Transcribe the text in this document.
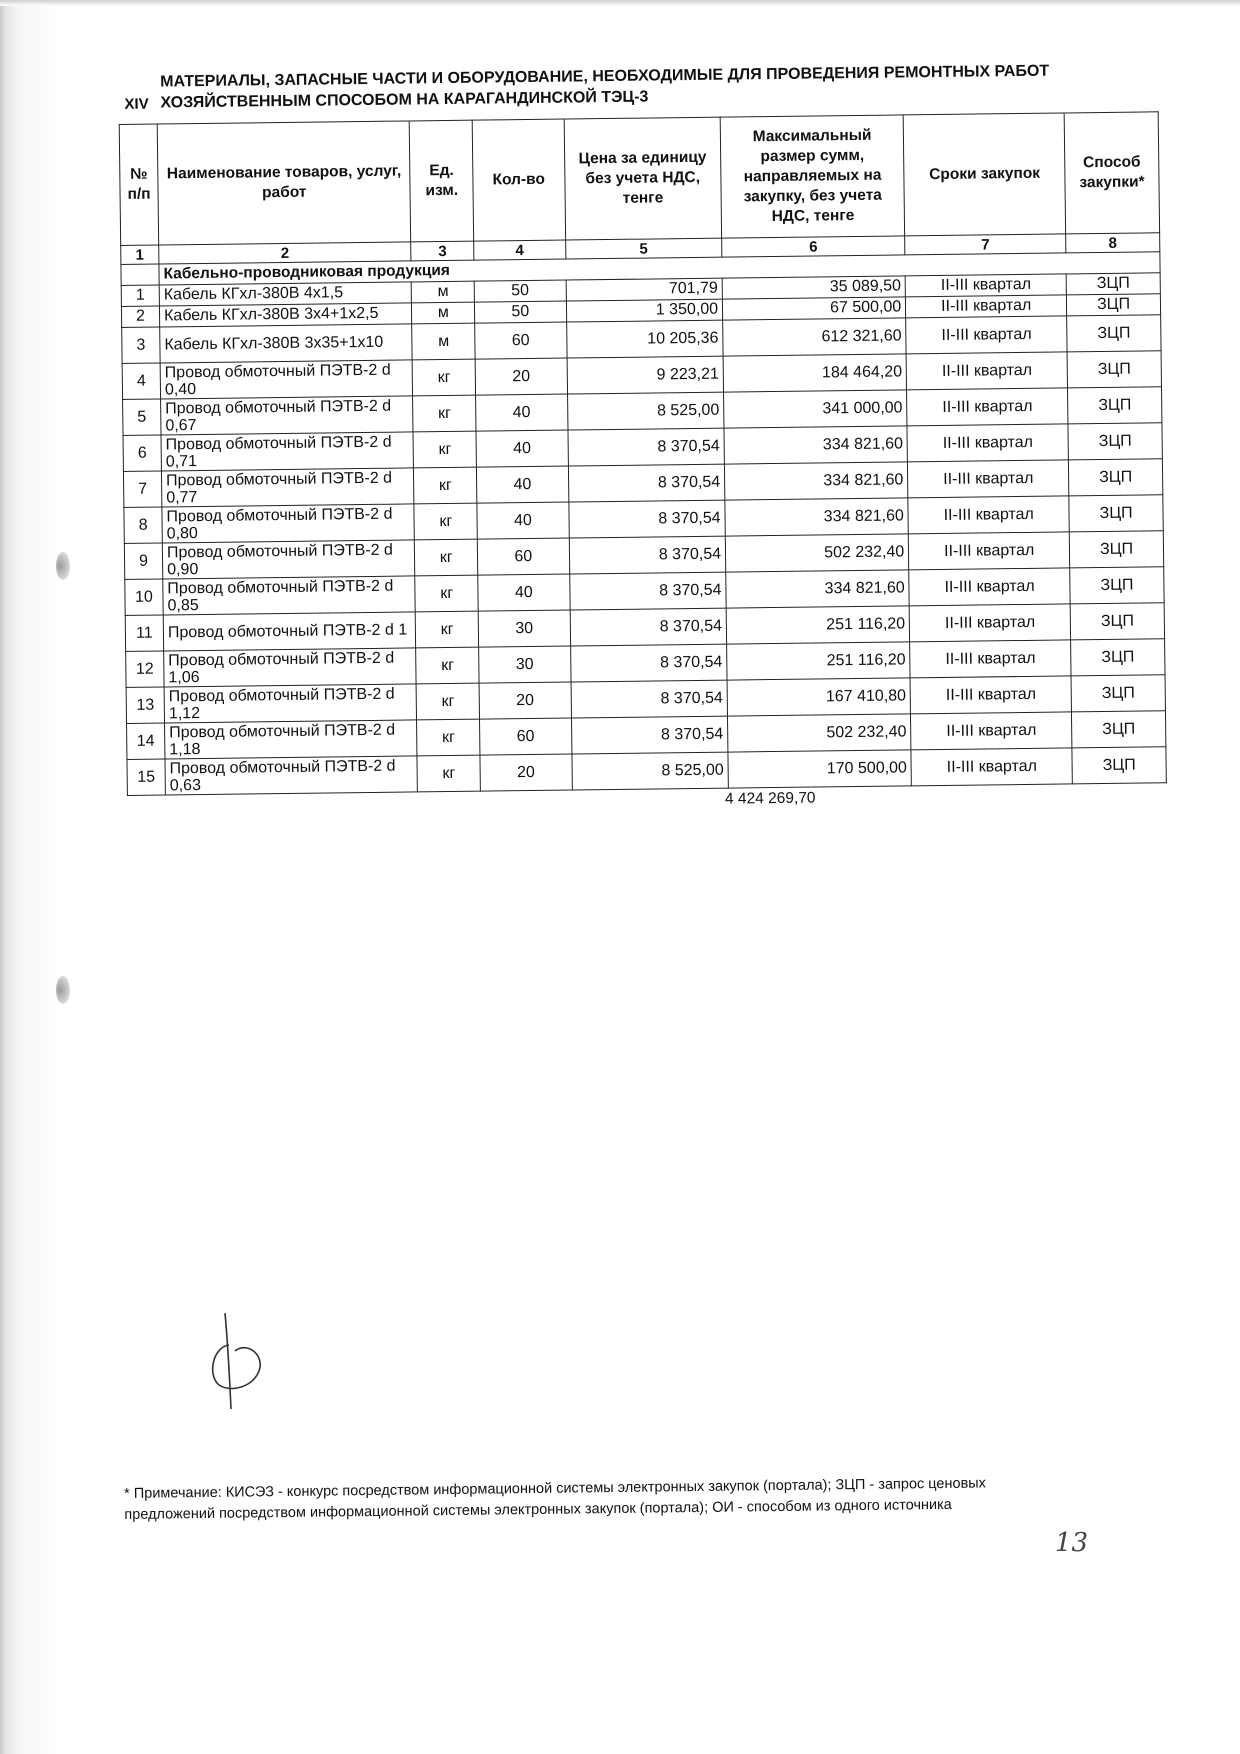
XIV
МАТЕРИАЛЫ, ЗАПАСНЫЕ ЧАСТИ И ОБОРУДОВАНИЕ, НЕОБХОДИМЫЕ ДЛЯ ПРОВЕДЕНИЯ РЕМОНТНЫХ РАБОТ ХОЗЯЙСТВЕННЫМ СПОСОБОМ НА КАРАГАНДИНСКОЙ ТЭЦ-3
№ п/п	Наименование товаров, услуг, работ	Ед. изм.	Кол-во	Цена за единицу без учета НДС, тенге	Максимальный размер сумм, направляемых на закупку, без учета НДС, тенге	Сроки закупок	Способ закупки*
1	2	3	4	5	6	7	8
	Кабельно-проводниковая продукция						
1	Кабель КГхл-380В 4х1,5	м	50	701,79	35 089,50	II-III квартал	ЗЦП
2	Кабель КГхл-380В 3х4+1х2,5	м	50	1 350,00	67 500,00	II-III квартал	ЗЦП
3	Кабель КГхл-380В 3х35+1х10	м	60	10 205,36	612 321,60	II-III квартал	ЗЦП
4	Провод обмоточный ПЭТВ-2 d 0,40	кг	20	9 223,21	184 464,20	II-III квартал	ЗЦП
5	Провод обмоточный ПЭТВ-2 d 0,67	кг	40	8 525,00	341 000,00	II-III квартал	ЗЦП
6	Провод обмоточный ПЭТВ-2 d 0,71	кг	40	8 370,54	334 821,60	II-III квартал	ЗЦП
7	Провод обмоточный ПЭТВ-2 d 0,77	кг	40	8 370,54	334 821,60	II-III квартал	ЗЦП
8	Провод обмоточный ПЭТВ-2 d 0,80	кг	40	8 370,54	334 821,60	II-III квартал	ЗЦП
9	Провод обмоточный ПЭТВ-2 d 0,90	кг	60	8 370,54	502 232,40	II-III квартал	ЗЦП
10	Провод обмоточный ПЭТВ-2 d 0,85	кг	40	8 370,54	334 821,60	II-III квартал	ЗЦП
11	Провод обмоточный ПЭТВ-2 d 1	кг	30	8 370,54	251 116,20	II-III квартал	ЗЦП
12	Провод обмоточный ПЭТВ-2 d 1,06	кг	30	8 370,54	251 116,20	II-III квартал	ЗЦП
13	Провод обмоточный ПЭТВ-2 d 1,12	кг	20	8 370,54	167 410,80	II-III квартал	ЗЦП
14	Провод обмоточный ПЭТВ-2 d 1,18	кг	60	8 370,54	502 232,40	II-III квартал	ЗЦП
15	Провод обмоточный ПЭТВ-2 d 0,63	кг	20	8 525,00	170 500,00	II-III квартал	ЗЦП
4 424 269,70
* Примечание: КИСЭЗ - конкурс посредством информационной системы электронных закупок (портала); ЗЦП - запрос ценовых предложений посредством информационной системы электронных закупок (портала); ОИ - способом из одного источника
13
